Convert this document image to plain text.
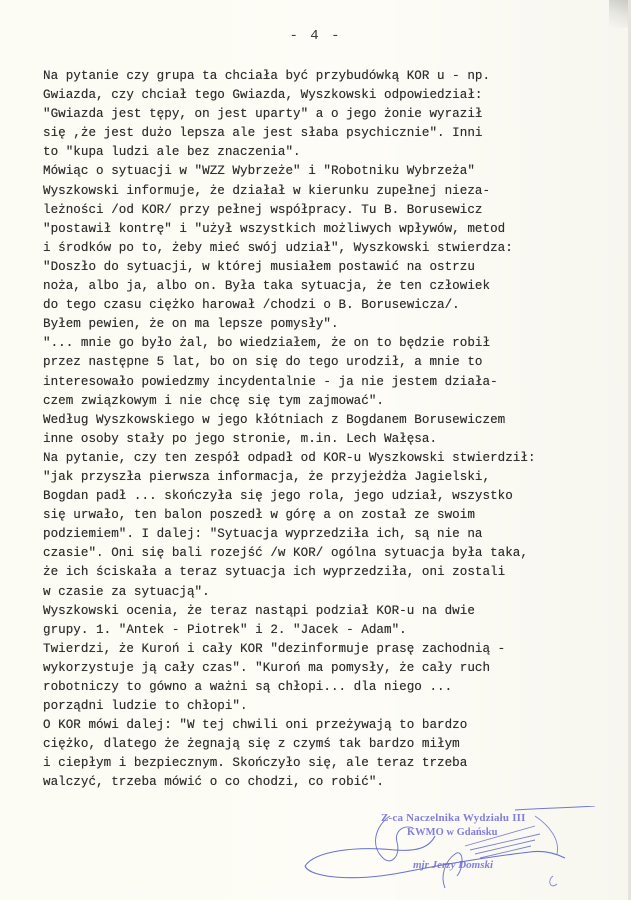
- 4 -
Na pytanie czy grupa ta chciała być przybudówką KOR u - np.
Gwiazda, czy chciał tego Gwiazda, Wyszkowski odpowiedział:
"Gwiazda jest tępy, on jest uparty" a o jego żonie wyraził
się ,że jest dużo lepsza ale jest słaba psychicznie". Inni
to "kupa ludzi ale bez znaczenia".
Mówiąc o sytuacji w "WZZ Wybrzeże" i "Robotniku Wybrzeża"
Wyszkowski informuje, że działał w kierunku zupełnej nieza-
leżności /od KOR/ przy pełnej współpracy. Tu B. Borusewicz
"postawił kontrę" i "użył wszystkich możliwych wpływów, metod
i środków po to, żeby mieć swój udział", Wyszkowski stwierdza:
"Doszło do sytuacji, w której musiałem postawić na ostrzu
noża, albo ja, albo on. Była taka sytuacja, że ten człowiek
do tego czasu ciężko harował /chodzi o B. Borusewicza/.
Byłem pewien, że on ma lepsze pomysły".
"... mnie go było żal, bo wiedziałem, że on to będzie robił
przez następne 5 lat, bo on się do tego urodził, a mnie to
interesowało powiedzmy incydentalnie - ja nie jestem działa-
czem związkowym i nie chcę się tym zajmować".
Według Wyszkowskiego w jego kłótniach z Bogdanem Borusewiczem
inne osoby stały po jego stronie, m.in. Lech Wałęsa.
Na pytanie, czy ten zespół odpadł od KOR-u Wyszkowski stwierdził:
"jak przyszła pierwsza informacja, że przyjeżdża Jagielski,
Bogdan padł ... skończyła się jego rola, jego udział, wszystko
się urwało, ten balon poszedł w górę a on został ze swoim
podziemiem". I dalej: "Sytuacja wyprzedziła ich, są nie na
czasie". Oni się bali rozejść /w KOR/ ogólna sytuacja była taka,
że ich ściskała a teraz sytuacja ich wyprzedziła, oni zostali
w czasie za sytuacją".
Wyszkowski ocenia, że teraz nastąpi podział KOR-u na dwie
grupy. 1. "Antek - Piotrek" i 2. "Jacek - Adam".
Twierdzi, że Kuroń i cały KOR "dezinformuje prasę zachodnią -
wykorzystuje ją cały czas". "Kuroń ma pomysły, że cały ruch
robotniczy to gówno a ważni są chłopi... dla niego ...
porządni ludzie to chłopi".
O KOR mówi dalej: "W tej chwili oni przeżywają to bardzo
ciężko, dlatego że żegnają się z czymś tak bardzo miłym
i ciepłym i bezpiecznym. Skończyło się, ale teraz trzeba
walczyć, trzeba mówić o co chodzi, co robić".
Z-ca Naczelnika Wydziału III
KWMO w Gdańsku
mjr Jerzy Domski
